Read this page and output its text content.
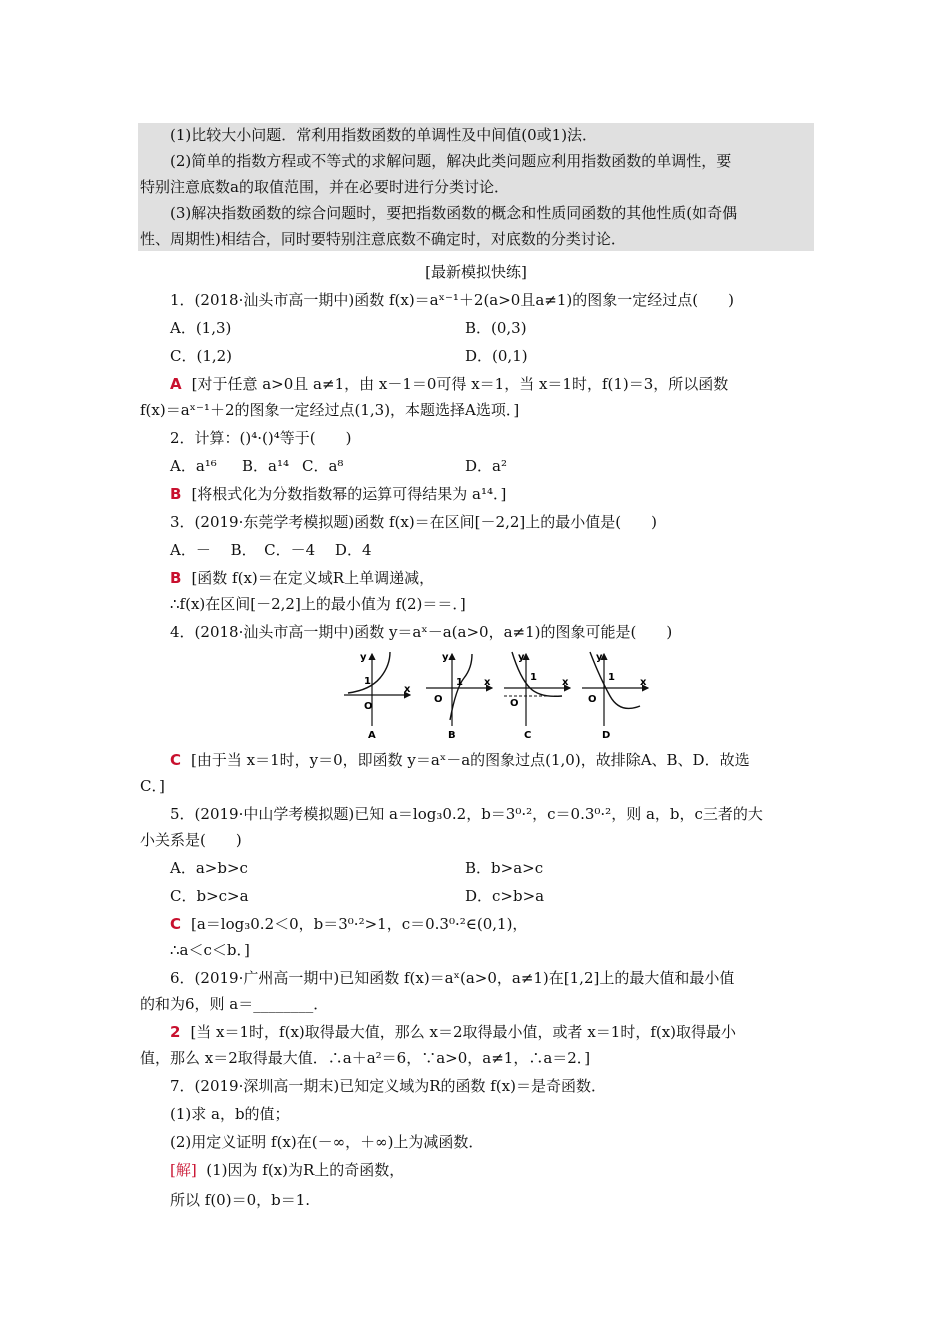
(1)比较大小问题．常利用指数函数的单调性及中间值(0或1)法．
(2)简单的指数方程或不等式的求解问题，解决此类问题应利用指数函数的单调性，要
特别注意底数a的取值范围，并在必要时进行分类讨论．
(3)解决指数函数的综合问题时，要把指数函数的概念和性质同函数的其他性质(如奇偶
性、周期性)相结合，同时要特别注意底数不确定时，对底数的分类讨论．
[最新模拟快练]
1．(2018·汕头市高一期中)函数 f(x)＝aˣ⁻¹＋2(a>0且a≠1)的图象一定经过点(　　)
A．(1,3)	B．(0,3)
C．(1,2)	D．(0,1)
A [对于任意 a>0且 a≠1，由 x－1＝0可得 x＝1，当 x＝1时，f(1)＝3，所以函数
f(x)＝aˣ⁻¹＋2的图象一定经过点(1,3)，本题选择A选项．]
2．计算：()⁴·()⁴等于(　　)
A．a¹⁶ B．a¹⁴ C．a⁸	D．a²
B [将根式化为分数指数幂的运算可得结果为 a¹⁴．]
3．(2019·东莞学考模拟题)函数 f(x)＝在区间[－2,2]上的最小值是(　　)
A．－　 B．　C．－4　 D．4
B [函数 f(x)＝在定义域R上单调递减，
∴f(x)在区间[－2,2]上的最小值为 f(2)＝＝．]
4．(2018·汕头市高一期中)函数 y＝aˣ－a(a>0，a≠1)的图象可能是(　　)
y
x
O
1
A
y
x
O
1
B
y
x
O
1
C
y
x
O
1
D
C [由于当 x＝1时，y＝0，即函数 y＝aˣ－a的图象过点(1,0)，故排除A、B、D．故选
C．]
5．(2019·中山学考模拟题)已知 a＝log₃0.2，b＝3⁰·²，c＝0.3⁰·²，则 a，b，c三者的大
小关系是(　　)
A．a>b>c	B．b>a>c
C．b>c>a	D．c>b>a
C [a＝log₃0.2＜0，b＝3⁰·²>1，c＝0.3⁰·²∈(0,1)，
∴a＜c＜b．]
6．(2019·广州高一期中)已知函数 f(x)＝aˣ(a>0，a≠1)在[1,2]上的最大值和最小值
的和为6，则 a＝________．
2 [当 x＝1时，f(x)取得最大值，那么 x＝2取得最小值，或者 x＝1时，f(x)取得最小
值，那么 x＝2取得最大值．∴a＋a²＝6，∵a>0，a≠1，∴a＝2．]
7．(2019·深圳高一期末)已知定义域为R的函数 f(x)＝是奇函数．
(1)求 a，b的值；
(2)用定义证明 f(x)在(－∞，＋∞)上为减函数．
[解] (1)因为 f(x)为R上的奇函数，
所以 f(0)＝0，b＝1.
